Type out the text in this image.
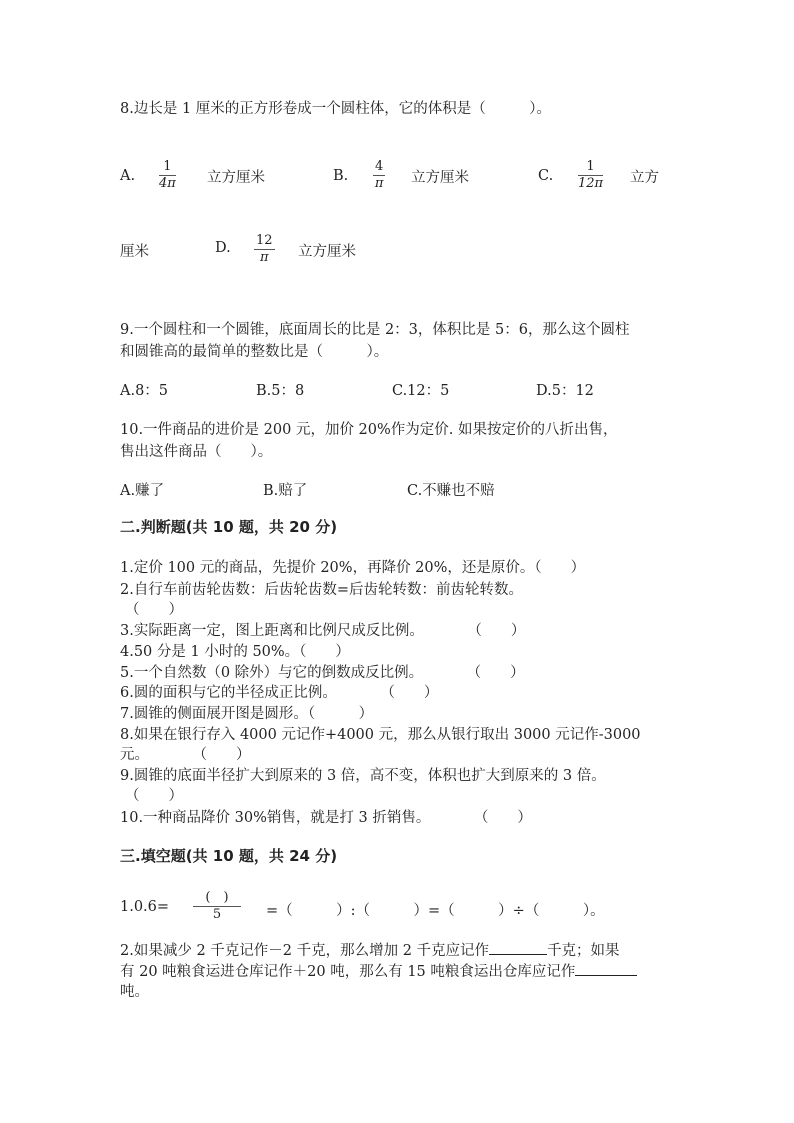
8.边长是 1 厘米的正方形卷成一个圆柱体，它的体积是（　　　）。
A.
1
4π 立方厘米	B.
4
π 立方厘米	C.
1
12π 立方
厘米	D. 12
π	立方厘米
9.一个圆柱和一个圆锥，底面周长的比是 2：3，体积比是 5：6，那么这个圆柱
和圆锥高的最简单的整数比是（　　　）。
A.8：5	B.5：8	C.12：5	D.5：12
10.一件商品的进价是 200 元，加价 20%作为定价. 如果按定价的八折出售，
售出这件商品（　　）。
A.赚了	B.赔了	C.不赚也不赔
二.判断题(共 10 题，共 20 分)
1.定价 100 元的商品，先提价 20%，再降价 20%，还是原价。（　　）
2.自行车前齿轮齿数：后齿轮齿数=后齿轮转数：前齿轮转数。
（　　）
3.实际距离一定，图上距离和比例尺成反比例。　　　　（　　）
4.50 分是 1 小时的 50%。（　　）
5.一个自然数（0 除外）与它的倒数成反比例。　　　　（　　）
6.圆的面积与它的半径成正比例。　　　　（　　）
7.圆锥的侧面展开图是圆形。（　　　）
8.如果在银行存入 4000 元记作+4000 元，那么从银行取出 3000 元记作-3000
元。　　　　（　　）
9.圆锥的底面半径扩大到原来的 3 倍，高不变，体积也扩大到原来的 3 倍。
（　　）
10.一种商品降价 30%销售，就是打 3 折销售。　　　　（　　）
三.填空题(共 10 题，共 24 分)
1.0.6=
(　)
5	=（　　　）:（　　　）=（　　　）÷（　　　）。
2.如果减少 2 千克记作－2 千克，那么增加 2 千克应记作	千克；如果
有 20 吨粮食运进仓库记作＋20 吨，那么有 15 吨粮食运出仓库应记作
吨。
